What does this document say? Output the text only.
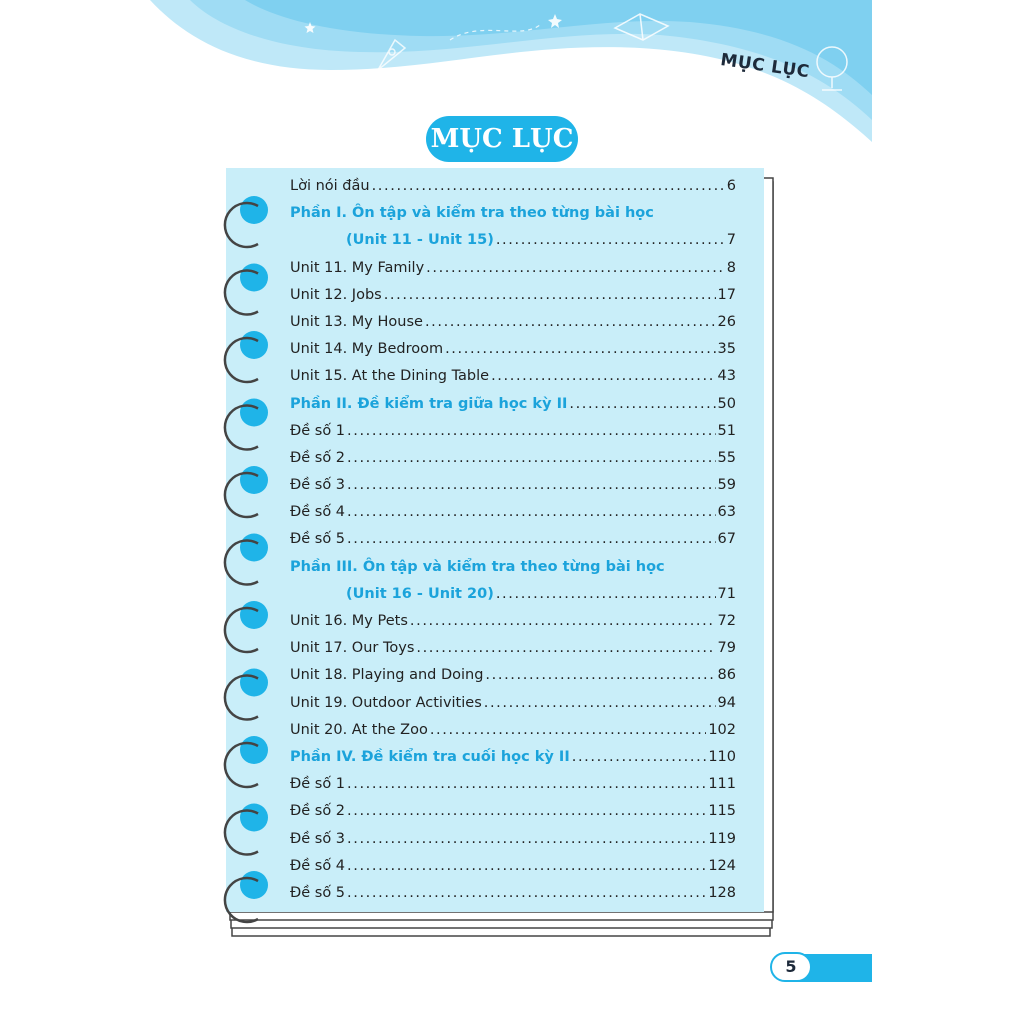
MỤC LỤC
MỤC LỤC
Lời nói đầu . . .	6
Phần I. Ôn tập và kiểm tra theo từng bài học
(Unit 11 - Unit 15) . . .	7
Unit 11. My Family . . .	8
Unit 12. Jobs . . .	17
Unit 13. My House . . .	26
Unit 14. My Bedroom . . .	35
Unit 15. At the Dining Table . . .	43
Phần II. Đề kiểm tra giữa học kỳ II . . .	50
Đề số 1 . . .	51
Đề số 2 . . .	55
Đề số 3 . . .	59
Đề số 4 . . .	63
Đề số 5 . . .	67
Phần III. Ôn tập và kiểm tra theo từng bài học
(Unit 16 - Unit 20) . . .	71
Unit 16. My Pets . . .	72
Unit 17. Our Toys . . .	79
Unit 18. Playing and Doing . . .	86
Unit 19. Outdoor Activities . . .	94
Unit 20. At the Zoo . . .	102
Phần IV. Đề kiểm tra cuối học kỳ II . . .	110
Đề số 1 . . .	111
Đề số 2 . . .	115
Đề số 3 . . .	119
Đề số 4 . . .	124
Đề số 5 . . .	128
5
